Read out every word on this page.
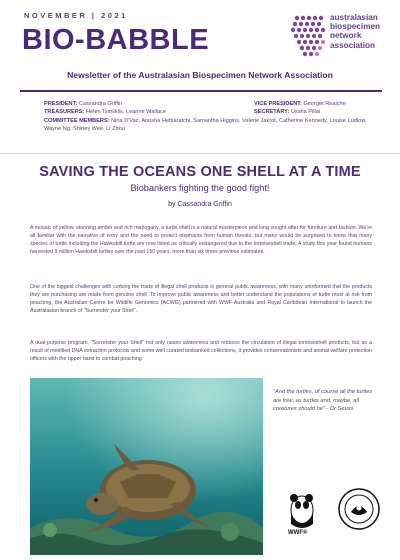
NOVEMBER | 2021
BIO-BABBLE
australasian
biospecimen
network
association
Newsletter of the Australasian Biospecimen Network Association
PRESIDENT: Cassandra Griffin	VICE PRESIDENT: Georget Reaiche
TREASURERS: Helen Tsimiklis, Leanne Wallace	SECRETARY: Ussha Pillai
COMMITTEE MEMBERS: Nina D'Vaz, Anusha Hettiaratchi, Samantha Higgins, Valerie Jakrot, Catherine Kennedy, Louise Ludlow, Wayne Ng, Shirley Wee, Li Zhou
SAVING THE OCEANS ONE SHELL AT A TIME
Biobankers fighting the good fight!
by Cassandra Griffin
A mosaic of yellow, stunning amber and rich mahogany, a turtle shell is a natural masterpiece and long sought after for furniture and fashion. We're all familiar with the narrative of ivory and the need to protect elephants from human threats, but many would be surprised to know that many species of turtle including the Hawksbill turtle are now listed as critically endangered due to the tortoiseshell trade. A study this year found humans harvested 9 million Hawksbill turtles over the past 150 years, more than six times previous estimates.
One of the biggest challenges with curbing the trade of illegal shell products is general public awareness, with many uninformed that the products they are purchasing are made from genuine shell. To improve public awareness and better understand the populations of turtle most at risk from poaching, the Australian Centre for Wildlife Genomics (ACWG) partnered with WWF-Australia and Royal Caribbean International to launch the Australasian branch of "Surrender your Shell".
A dual-purpose program, "Surrender your Shell" not only raises awareness and reduces the circulation of illegal tortoiseshell products, but as a result of modified DNA extraction protocols and some well curated biobanked collections, it provides conservationists and animal welfare protection officers with the upper hand to combat poaching.
"And the turtles, of course all the turtles are free, as turtles and, maybe, all creatures should be" - Dr Seuss
WWF®
